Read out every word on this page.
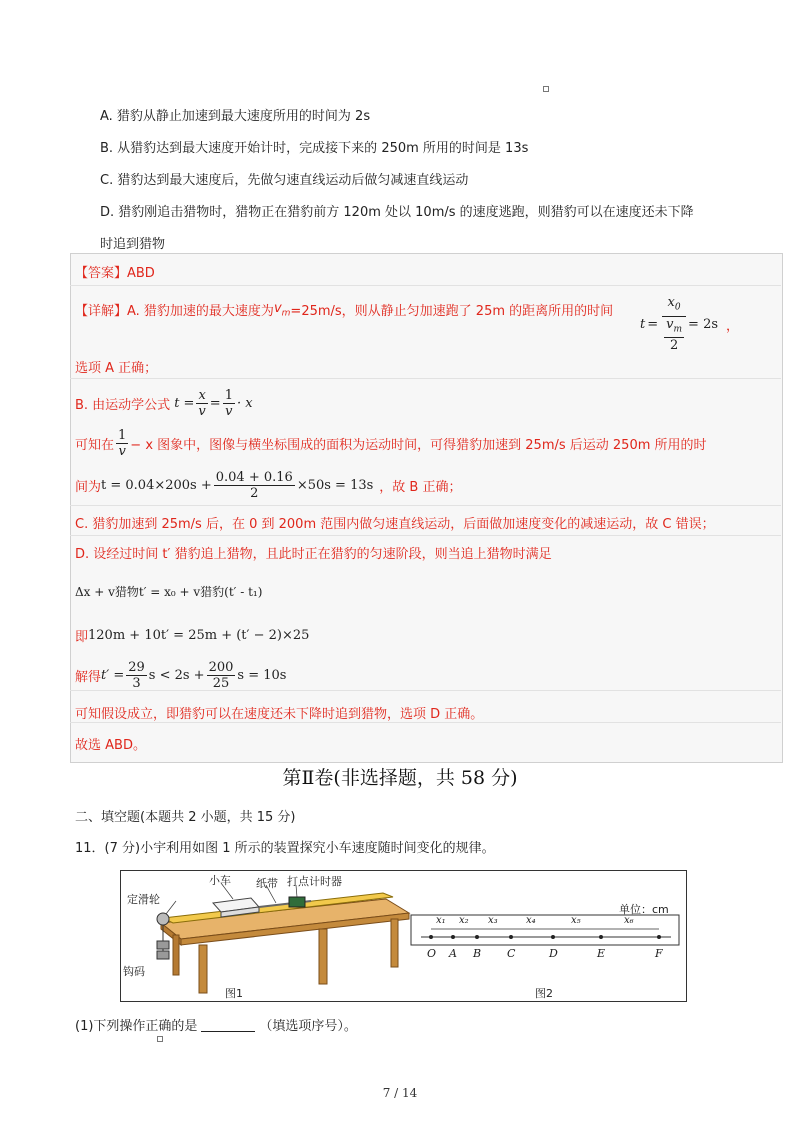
A. 猎豹从静止加速到最大速度所用的时间为 2s
B. 从猎豹达到最大速度开始计时，完成接下来的 250m 所用的时间是 13s
C. 猎豹达到最大速度后，先做匀速直线运动后做匀减速直线运动
D. 猎豹刚追击猎物时，猎物正在猎豹前方 120m 处以 10m/s 的速度逃跑，则猎豹可以在速度还未下降
时追到猎物
【答案】ABD
【详解】A. 猎豹加速的最大速度为 $v_m =25m/s$，则从静止匀加速跑了 25m 的距离所用的时间
$t = \frac{x_0}{\frac{v_m}{2}} = 2s$ ，
选项 A 正确；
B. 由运动学公式 $t = \frac{x}{v} = \frac{1}{v} \cdot x$
可知在 $\frac{1}{v} - x$ 图象中，图像与横坐标围成的面积为运动时间，可得猎豹加速到 25m/s 后运动 250m 所用的时
间为 $t = 0.04\times 200s + \frac{0.04 + 0.16}{2} \times 50s = 13s$ ，故 B 正确；
C. 猎豹加速到 25m/s 后，在 0 到 200m 范围内做匀速直线运动，后面做加速度变化的减速运动，故 C 错误；
D. 设经过时间 t′ 猎豹追上猎物，且此时正在猎豹的匀速阶段，则当追上猎物时满足
Δx + v猎物t′ = x₀ + v猎豹(t′ - t₁)
即 120m + 10t′ = 25m + (t′ − 2)×25
解得 $t' = \frac{29}{3}$ $s < 2s + \frac{200}{25}$ s = 10s
可知假设成立，即猎豹可以在速度还未下降时追到猎物，选项 D 正确。
故选 ABD。
第Ⅱ卷(非选择题，共 58 分)
二、填空题(本题共 2 小题，共 15 分)
11．(7 分)小宇利用如图 1 所示的装置探究小车速度随时间变化的规律。
定滑轮
小车 纸带 打点计时器
钩码
图1
单位：cm
O A B C	D	E	F
x₁ x₂ x₃	x₄	x₅	x₆
图2
(1)下列操作正确的是	（填选项序号）。
7 / 14
